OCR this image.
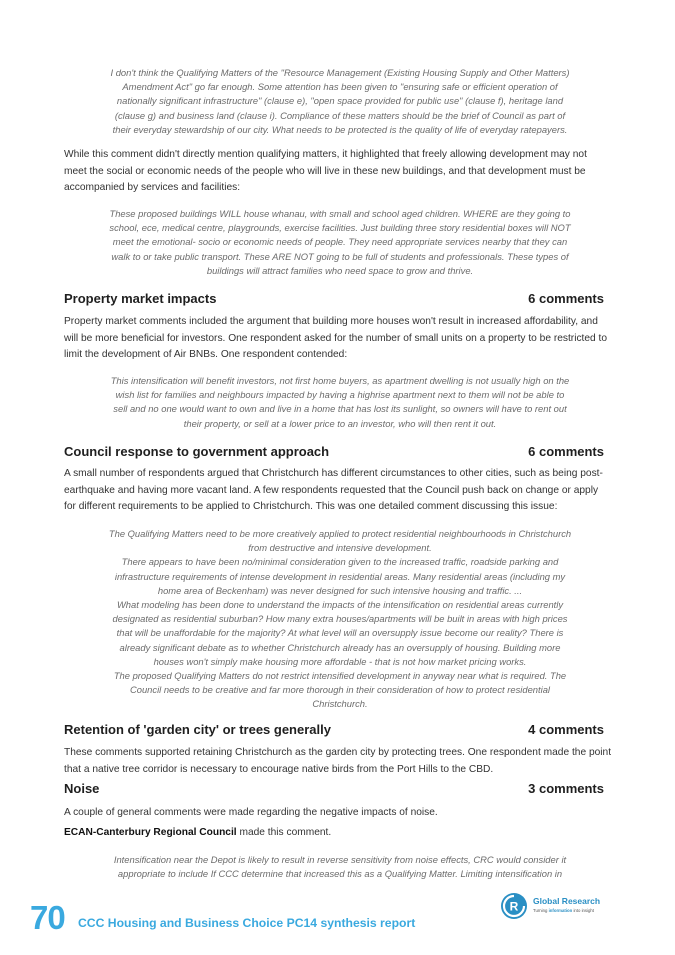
I don't think the Qualifying Matters of the "Resource Management (Existing Housing Supply and Other Matters)
Amendment Act" go far enough. Some attention has been given to "ensuring safe or efficient operation of
nationally significant infrastructure" (clause e), "open space provided for public use" (clause f), heritage land
(clause g) and business land (clause i). Compliance of these matters should be the brief of Council as part of
their everyday stewardship of our city. What needs to be protected is the quality of life of everyday ratepayers.

While this comment didn't directly mention qualifying matters, it highlighted that freely allowing development may not meet the social or economic needs of the people who will live in these new buildings, and that development must be accompanied by services and facilities:

These proposed buildings WILL house whanau, with small and school aged children. WHERE are they going to
school, ece, medical centre, playgrounds, exercise facilities. Just building three story residential boxes will NOT
meet the emotional- socio or economic needs of people. They need appropriate services nearby that they can
walk to or take public transport. These ARE NOT going to be full of students and professionals. These types of
buildings will attract families who need space to grow and thrive.

Property market impacts	6 comments

Property market comments included the argument that building more houses won't result in increased affordability, and will be more beneficial for investors. One respondent asked for the number of small units on a property to be restricted to limit the development of Air BNBs. One respondent contended:

This intensification will benefit investors, not first home buyers, as apartment dwelling is not usually high on the
wish list for families and neighbours impacted by having a highrise apartment next to them will not be able to
sell and no one would want to own and live in a home that has lost its sunlight, so owners will have to rent out
their property, or sell at a lower price to an investor, who will then rent it out.

Council response to government approach	6 comments

A small number of respondents argued that Christchurch has different circumstances to other cities, such as being post-earthquake and having more vacant land. A few respondents requested that the Council push back on change or apply for different requirements to be applied to Christchurch. This was one detailed comment discussing this issue:

The Qualifying Matters need to be more creatively applied to protect residential neighbourhoods in Christchurch
from destructive and intensive development.
There appears to have been no/minimal consideration given to the increased traffic, roadside parking and
infrastructure requirements of intense development in residential areas. Many residential areas (including my
home area of Beckenham) was never designed for such intensive housing and traffic. ...
What modeling has been done to understand the impacts of the intensification on residential areas currently
designated as residential suburban? How many extra houses/apartments will be built in areas with high prices
that will be unaffordable for the majority? At what level will an oversupply issue become our reality? There is
already significant debate as to whether Christchurch already has an oversupply of housing. Building more
houses won't simply make housing more affordable - that is not how market pricing works.
The proposed Qualifying Matters do not restrict intensified development in anyway near what is required. The
Council needs to be creative and far more thorough in their consideration of how to protect residential
Christchurch.

Retention of 'garden city' or trees generally	4 comments

These comments supported retaining Christchurch as the garden city by protecting trees. One respondent made the point that a native tree corridor is necessary to encourage native birds from the Port Hills to the CBD.

Noise	3 comments

A couple of general comments were made regarding the negative impacts of noise.

ECAN-Canterbury Regional Council made this comment.

Intensification near the Depot is likely to result in reverse sensitivity from noise effects, CRC would consider it
appropriate to include If CCC determine that increased this as a Qualifying Matter. Limiting intensification in

70 CCC Housing and Business Choice PC14 synthesis report
R Global Research
Turning information into insight
